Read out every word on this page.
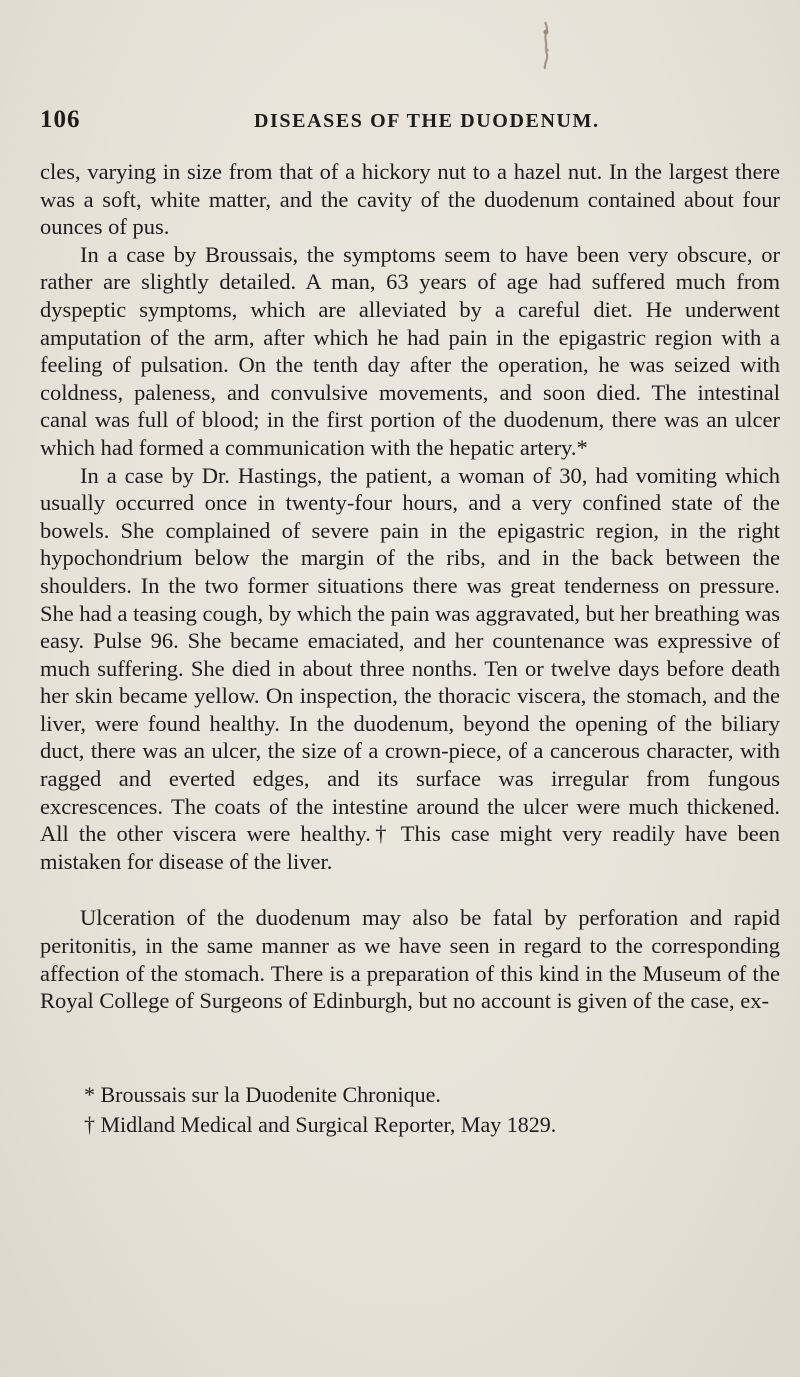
106	DISEASES OF THE DUODENUM.

cles, varying in size from that of a hickory nut to a hazel nut. In the largest there was a soft, white matter, and the cavity of the duodenum contained about four ounces of pus.

In a case by Broussais, the symptoms seem to have been very obscure, or rather are slightly detailed. A man, 63 years of age had suffered much from dyspeptic symptoms, which are alleviated by a careful diet. He underwent amputation of the arm, after which he had pain in the epigastric region with a feeling of pulsation. On the tenth day after the operation, he was seized with coldness, paleness, and convulsive movements, and soon died. The intestinal canal was full of blood; in the first portion of the duodenum, there was an ulcer which had formed a communication with the hepatic artery.*

In a case by Dr. Hastings, the patient, a woman of 30, had vomiting which usually occurred once in twenty-four hours, and a very confined state of the bowels. She complained of severe pain in the epigastric region, in the right hypochondrium below the margin of the ribs, and in the back between the shoulders. In the two former situations there was great tenderness on pressure. She had a teasing cough, by which the pain was aggravated, but her breathing was easy. Pulse 96. She became emaciated, and her countenance was expressive of much suffering. She died in about three nonths. Ten or twelve days before death her skin became yellow. On inspection, the thoracic viscera, the stomach, and the liver, were found healthy. In the duodenum, beyond the opening of the biliary duct, there was an ulcer, the size of a crown-piece, of a cancerous character, with ragged and everted edges, and its surface was irregular from fungous excrescences. The coats of the intestine around the ulcer were much thickened. All the other viscera were healthy.† This case might very readily have been mistaken for disease of the liver.

Ulceration of the duodenum may also be fatal by perforation and rapid peritonitis, in the same manner as we have seen in regard to the corresponding affection of the stomach. There is a preparation of this kind in the Museum of the Royal College of Surgeons of Edinburgh, but no account is given of the case, ex-

* Broussais sur la Duodenite Chronique.

† Midland Medical and Surgical Reporter, May 1829.
